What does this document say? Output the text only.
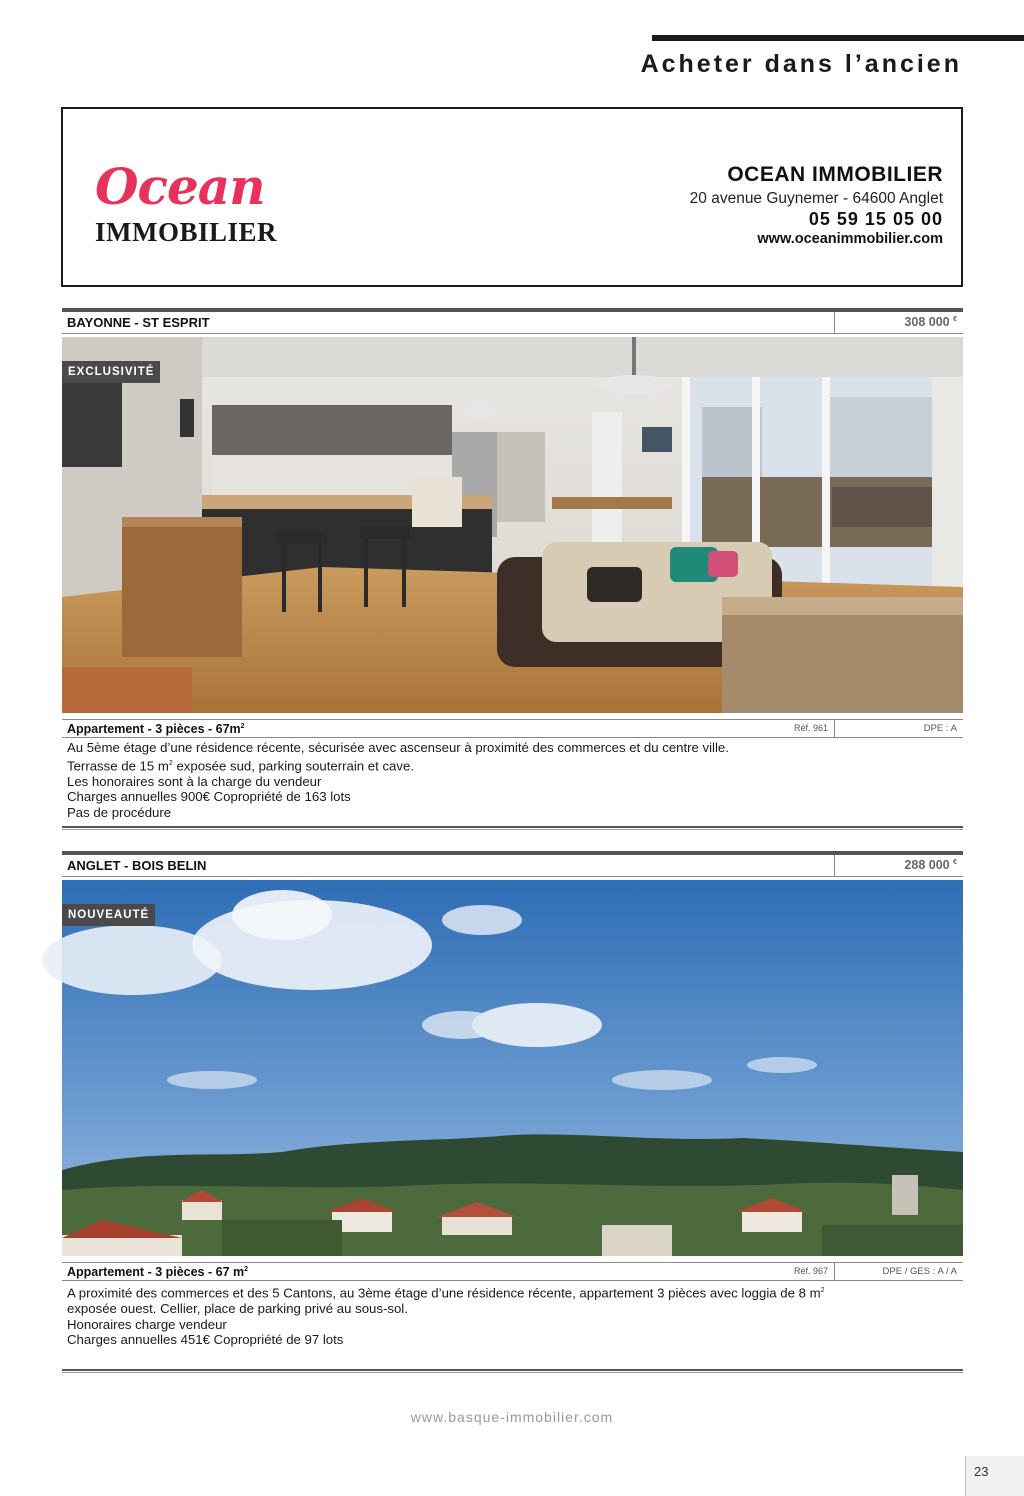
Acheter dans l’ancien
Ocean
IMMOBILIER
OCEAN IMMOBILIER
20 avenue Guynemer - 64600 Anglet
05 59 15 05 00
www.oceanimmobilier.com
BAYONNE - ST ESPRIT	308 000 €
EXCLUSIVITÉ
Appartement - 3 pièces - $67m^2$	Réf. 961	DPE : A
Au 5ème étage d’une résidence récente, sécurisée avec ascenseur à proximité des commerces et du centre ville.
Terrasse de 15 $m^2$ exposée sud, parking souterrain et cave.
Les honoraires sont à la charge du vendeur
Charges annuelles 900€ Copropriété de 163 lots
Pas de procédure
ANGLET - BOIS BELIN	288 000 €
NOUVEAUTÉ
Appartement - 3 pièces - 67 $m^2$	Réf. 967	DPE / GES : A / A
A proximité des commerces et des 5 Cantons, au 3ème étage d’une résidence récente, appartement 3 pièces avec loggia de 8 $m^2$
exposée ouest. Cellier, place de parking privé au sous-sol.
Honoraires charge vendeur
Charges annuelles 451€ Copropriété de 97 lots
www.basque-immobilier.com
23
